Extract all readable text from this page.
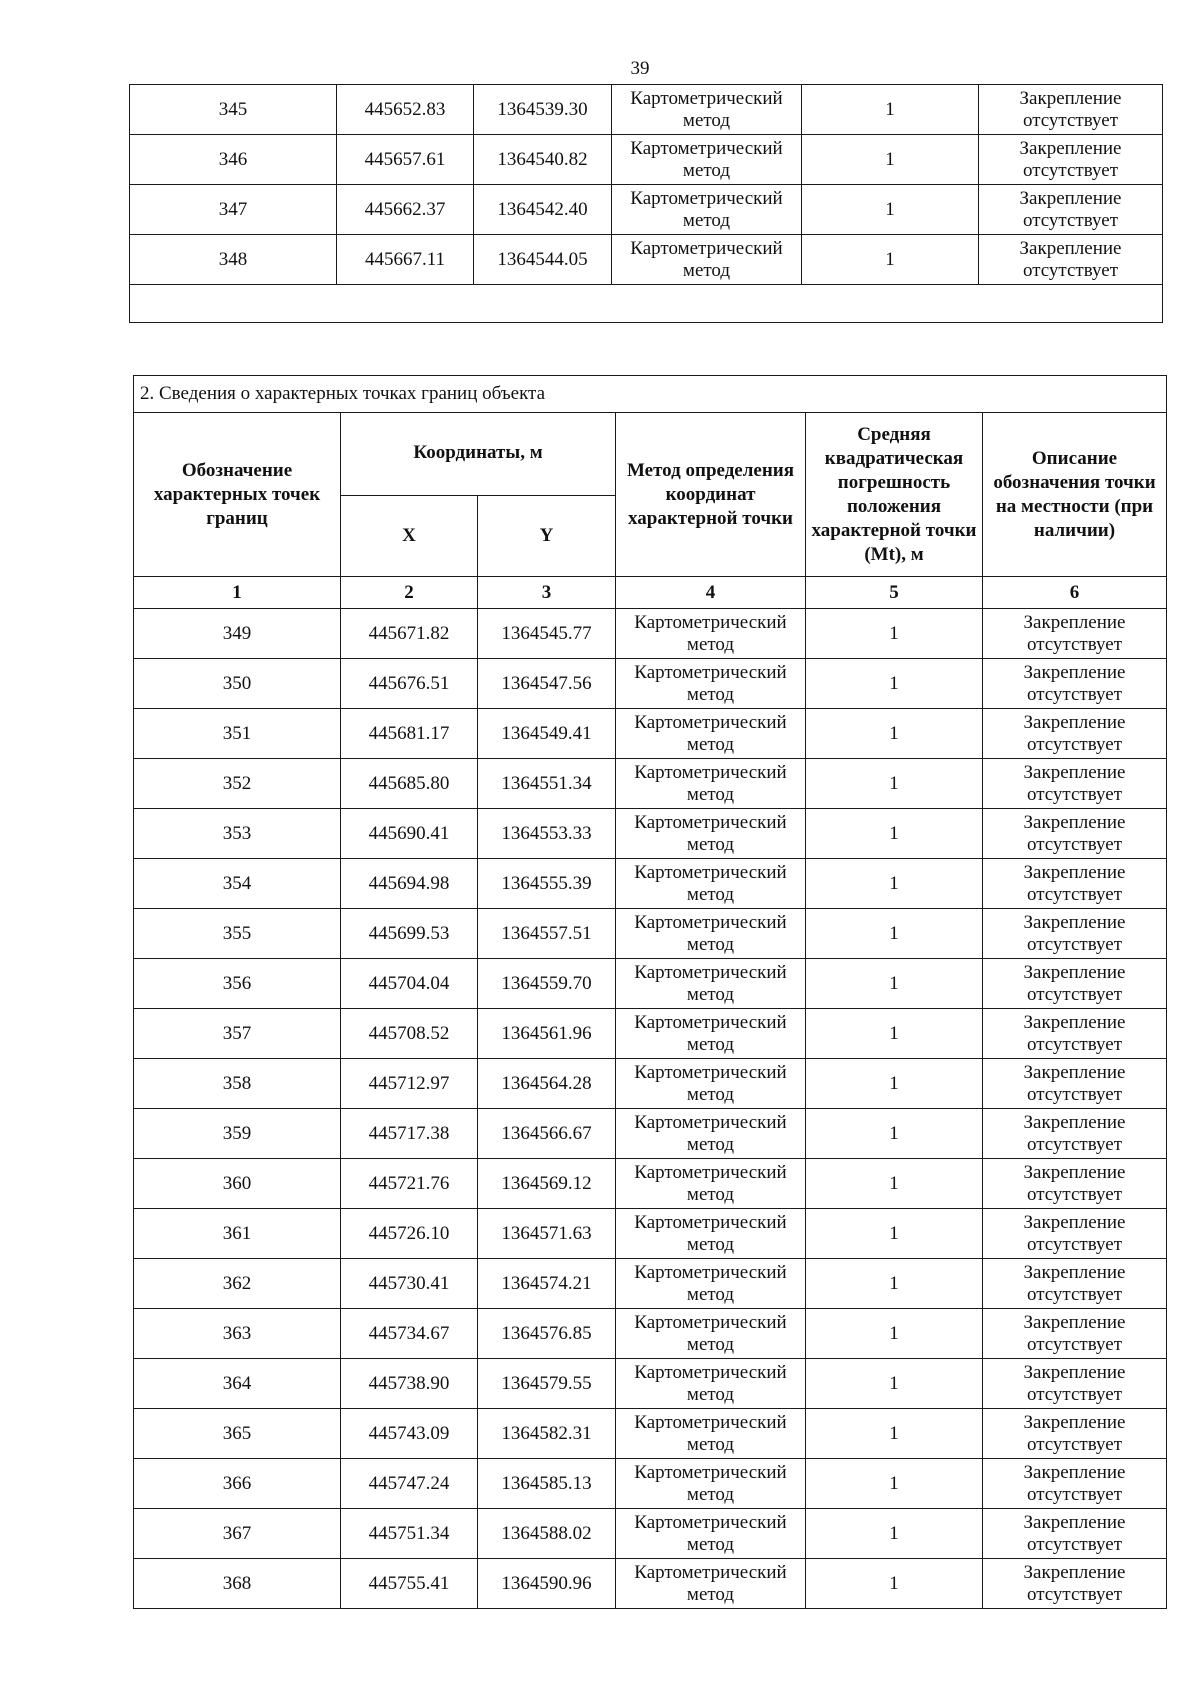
39
345	445652.83	1364539.30	Картометрический метод	1	Закрепление отсутствует
346	445657.61	1364540.82	Картометрический метод	1	Закрепление отсутствует
347	445662.37	1364542.40	Картометрический метод	1	Закрепление отсутствует
348	445667.11	1364544.05	Картометрический метод	1	Закрепление отсутствует

2. Сведения о характерных точках границ объекта					
Обозначение характерных точек границ	Координаты, м		Метод определения координат характерной точки	Средняя квадратическая погрешность положения характерной точки (Mt), м	Описание обозначения точки на местности (при наличии)
	X	Y			
1	2	3	4	5	6
349	445671.82	1364545.77	Картометрический метод	1	Закрепление отсутствует
350	445676.51	1364547.56	Картометрический метод	1	Закрепление отсутствует
351	445681.17	1364549.41	Картометрический метод	1	Закрепление отсутствует
352	445685.80	1364551.34	Картометрический метод	1	Закрепление отсутствует
353	445690.41	1364553.33	Картометрический метод	1	Закрепление отсутствует
354	445694.98	1364555.39	Картометрический метод	1	Закрепление отсутствует
355	445699.53	1364557.51	Картометрический метод	1	Закрепление отсутствует
356	445704.04	1364559.70	Картометрический метод	1	Закрепление отсутствует
357	445708.52	1364561.96	Картометрический метод	1	Закрепление отсутствует
358	445712.97	1364564.28	Картометрический метод	1	Закрепление отсутствует
359	445717.38	1364566.67	Картометрический метод	1	Закрепление отсутствует
360	445721.76	1364569.12	Картометрический метод	1	Закрепление отсутствует
361	445726.10	1364571.63	Картометрический метод	1	Закрепление отсутствует
362	445730.41	1364574.21	Картометрический метод	1	Закрепление отсутствует
363	445734.67	1364576.85	Картометрический метод	1	Закрепление отсутствует
364	445738.90	1364579.55	Картометрический метод	1	Закрепление отсутствует
365	445743.09	1364582.31	Картометрический метод	1	Закрепление отсутствует
366	445747.24	1364585.13	Картометрический метод	1	Закрепление отсутствует
367	445751.34	1364588.02	Картометрический метод	1	Закрепление отсутствует
368	445755.41	1364590.96	Картометрический метод	1	Закрепление отсутствует
